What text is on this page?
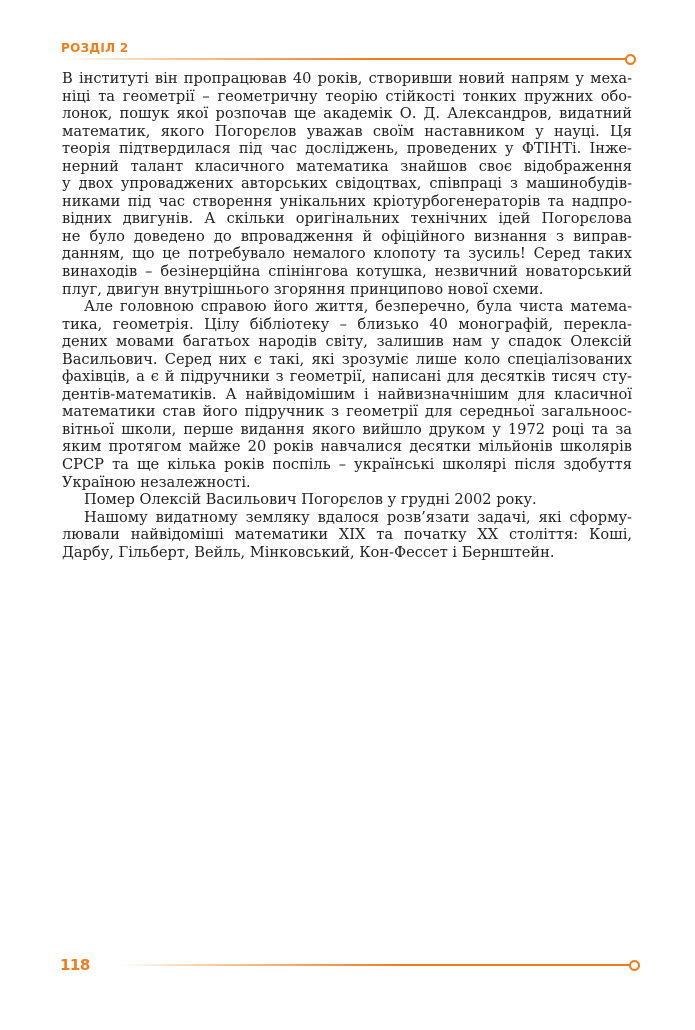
РОЗДІЛ 2
В інституті він пропрацював 40 років, створивши новий напрям у меха-
ніці та геометрії – геометричну теорію стійкості тонких пружних обо-
лонок, пошук якої розпочав ще академік О. Д. Александров, видатний
математик, якого Погорєлов уважав своїм наставником у науці. Ця
теорія підтвердилася під час досліджень, проведених у ФТІНТі. Інже-
нерний талант класичного математика знайшов своє відображення
у двох упроваджених авторських свідоцтвах, співпраці з машинобудів-
никами під час створення унікальних кріотурбогенераторів та надпро-
відних двигунів. А скільки оригінальних технічних ідей Погорєлова
не було доведено до впровадження й офіційного визнання з виправ-
данням, що це потребувало немалого клопоту та зусиль! Серед таких
винаходів – безінерційна спінінгова котушка, незвичний новаторський
плуг, двигун внутрішнього згоряння принципово нової схеми.
Але головною справою його життя, безперечно, була чиста матема-
тика, геометрія. Цілу бібліотеку – близько 40 монографій, перекла-
дених мовами багатьох народів світу, залишив нам у спадок Олексій
Васильович. Серед них є такі, які зрозуміє лише коло спеціалізованих
фахівців, а є й підручники з геометрії, написані для десятків тисяч сту-
дентів-математиків. А найвідомішим і найвизначнішим для класичної
математики став його підручник з геометрії для середньої загальноос-
вітньої школи, перше видання якого вийшло друком у 1972 році та за
яким протягом майже 20 років навчалися десятки мільйонів школярів
СРСР та ще кілька років поспіль – українські школярі після здобуття
Україною незалежності.
Помер Олексій Васильович Погорєлов у грудні 2002 року.
Нашому видатному земляку вдалося розв’язати задачі, які сформу-
лювали найвідоміші математики XIX та початку XX століття: Коші,
Дарбу, Гільберт, Вейль, Мінковський, Кон-Фессет і Бернштейн.
118
